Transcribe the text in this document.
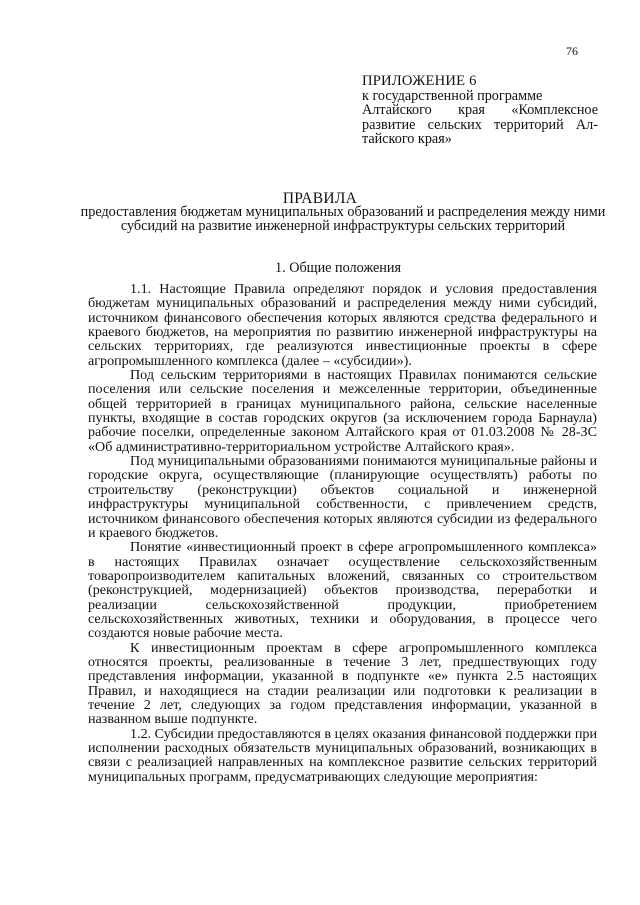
76
ПРИЛОЖЕНИЕ 6
к государственной программе
Алтайского края «Комплексное
развитие сельских территорий Ал-
тайского края»
ПРАВИЛА
предоставления бюджетам муниципальных образований и распределения между ними субсидий на развитие инженерной инфраструктуры сельских территорий
1. Общие положения

1.1. Настоящие Правила определяют порядок и условия предоставления бюджетам муниципальных образований и распределения между ними субсидий, источником финансового обеспечения которых являются средства федерального и краевого бюджетов, на мероприятия по развитию инженерной инфраструктуры на сельских территориях, где реализуются инвестиционные проекты в сфере агропромышленного комплекса (далее – «субсидии»).

Под сельским территориями в настоящих Правилах понимаются сельские поселения или сельские поселения и межселенные территории, объединенные общей территорией в границах муниципального района, сельские населенные пункты, входящие в состав городских округов (за исключением города Барнаула) рабочие поселки, определенные законом Алтайского края от 01.03.2008 № 28-ЗС «Об административно-территориальном устройстве Алтайского края».

Под муниципальными образованиями понимаются муниципальные районы и городские округа, осуществляющие (планирующие осуществлять) работы по строительству (реконструкции) объектов социальной и инженерной инфраструктуры муниципальной собственности, с привлечением средств, источником финансового обеспечения которых являются субсидии из федерального и краевого бюджетов.

Понятие «инвестиционный проект в сфере агропромышленного комплекса» в настоящих Правилах означает осуществление сельскохозяйственным товаропроизводителем капитальных вложений, связанных со строительством (реконструкцией, модернизацией) объектов производства, переработки и реализации сельскохозяйственной продукции, приобретением сельскохозяйственных животных, техники и оборудования, в процессе чего создаются новые рабочие места.

К инвестиционным проектам в сфере агропромышленного комплекса относятся проекты, реализованные в течение 3 лет, предшествующих году представления информации, указанной в подпункте «е» пункта 2.5 настоящих Правил, и находящиеся на стадии реализации или подготовки к реализации в течение 2 лет, следующих за годом представления информации, указанной в названном выше подпункте.

1.2. Субсидии предоставляются в целях оказания финансовой поддержки при исполнении расходных обязательств муниципальных образований, возникающих в связи с реализацией направленных на комплексное развитие сельских территорий муниципальных программ, предусматривающих следующие мероприятия:
